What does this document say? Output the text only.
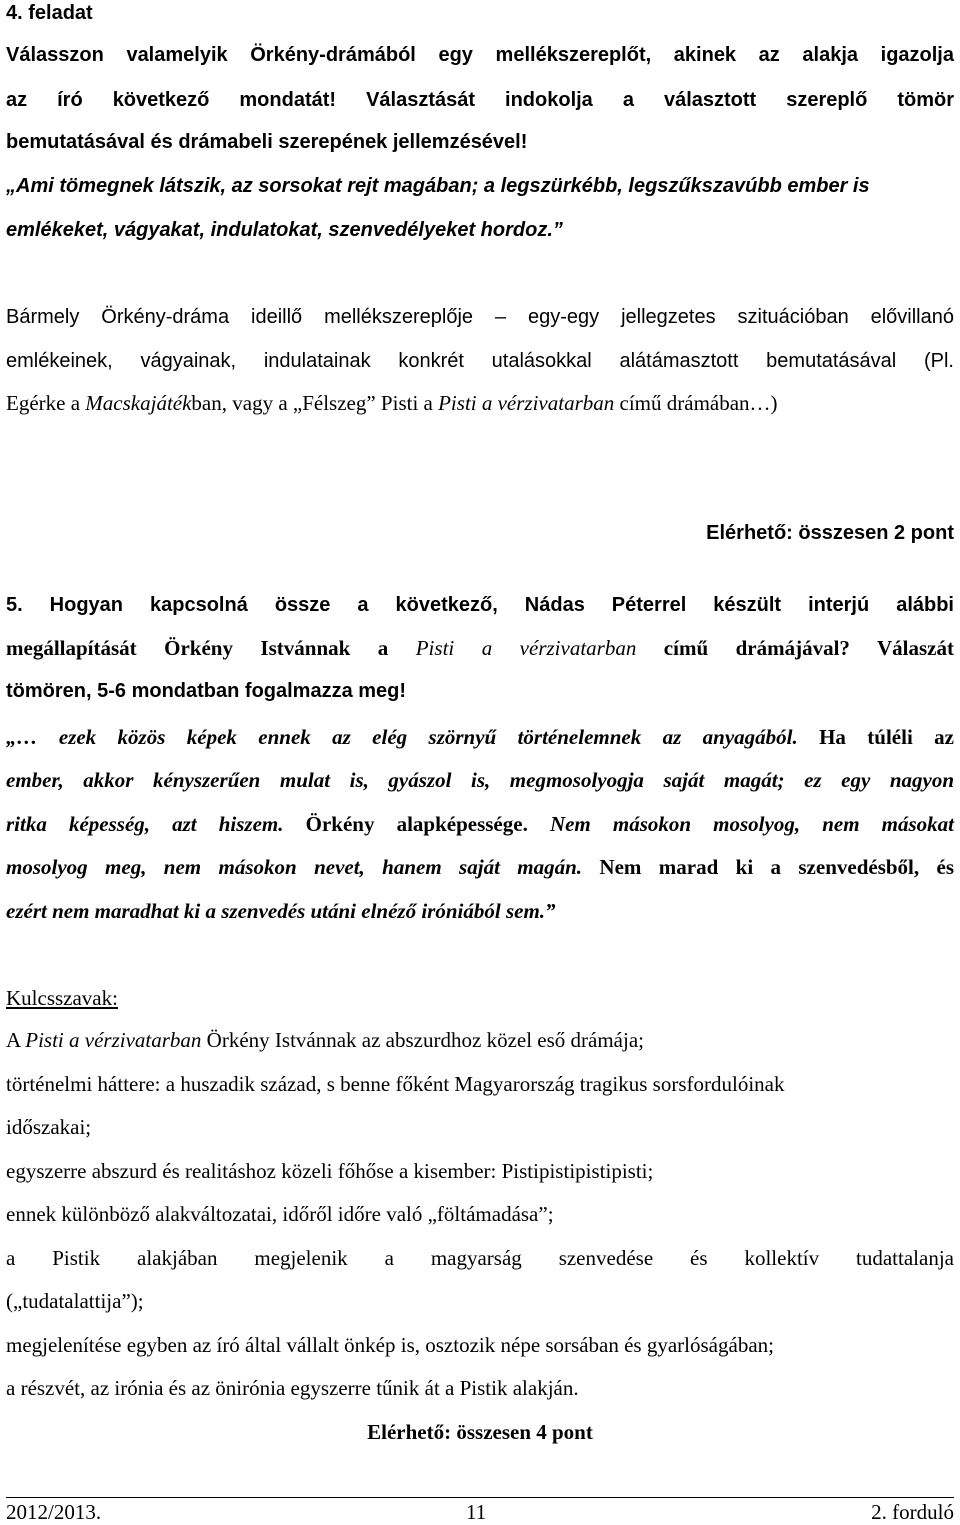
4. feladat
Válasszon valamelyik Örkény-drámából egy mellékszereplőt, akinek az alakja igazolja
az író következő mondatát! Választását indokolja a választott szereplő tömör
bemutatásával és drámabeli szerepének jellemzésével!
„Ami tömegnek látszik, az sorsokat rejt magában; a legszürkébb, legszűkszavúbb ember is
emlékeket, vágyakat, indulatokat, szenvedélyeket hordoz.”
Bármely Örkény-dráma ideillő mellékszereplője – egy-egy jellegzetes szituációban elővillanó
emlékeinek, vágyainak, indulatainak konkrét utalásokkal alátámasztott bemutatásával (Pl.
Egérke a Macskajátékban, vagy a „Félszeg” Pisti a Pisti a vérzivatarban című drámában…)
Elérhető: összesen 2 pont
5. Hogyan kapcsolná össze a következő, Nádas Péterrel készült interjú alábbi
megállapítását Örkény Istvánnak a Pisti a vérzivatarban című drámájával? Válaszát
tömören, 5-6 mondatban fogalmazza meg!
„… ezek közös képek ennek az elég szörnyű történelemnek az anyagából. Ha túléli az
ember, akkor kényszerűen mulat is, gyászol is, megmosolyogja saját magát; ez egy nagyon
ritka képesség, azt hiszem. Örkény alapképessége. Nem másokon mosolyog, nem másokat
mosolyog meg, nem másokon nevet, hanem saját magán. Nem marad ki a szenvedésből, és
ezért nem maradhat ki a szenvedés utáni elnéző iróniából sem.”
Kulcsszavak:
A Pisti a vérzivatarban Örkény Istvánnak az abszurdhoz közel eső drámája;
történelmi háttere: a huszadik század, s benne főként Magyarország tragikus sorsfordulóinak
időszakai;
egyszerre abszurd és realitáshoz közeli főhőse a kisember: Pistipistipistipisti;
ennek különböző alakváltozatai, időről időre való „föltámadása”;
a Pistik alakjában megjelenik a magyarság szenvedése és kollektív tudattalanja
(„tudatalattija”);
megjelenítése egyben az író által vállalt önkép is, osztozik népe sorsában és gyarlóságában;
a részvét, az irónia és az önirónia egyszerre tűnik át a Pistik alakján.
Elérhető: összesen 4 pont
2012/2013.	11	2. forduló
